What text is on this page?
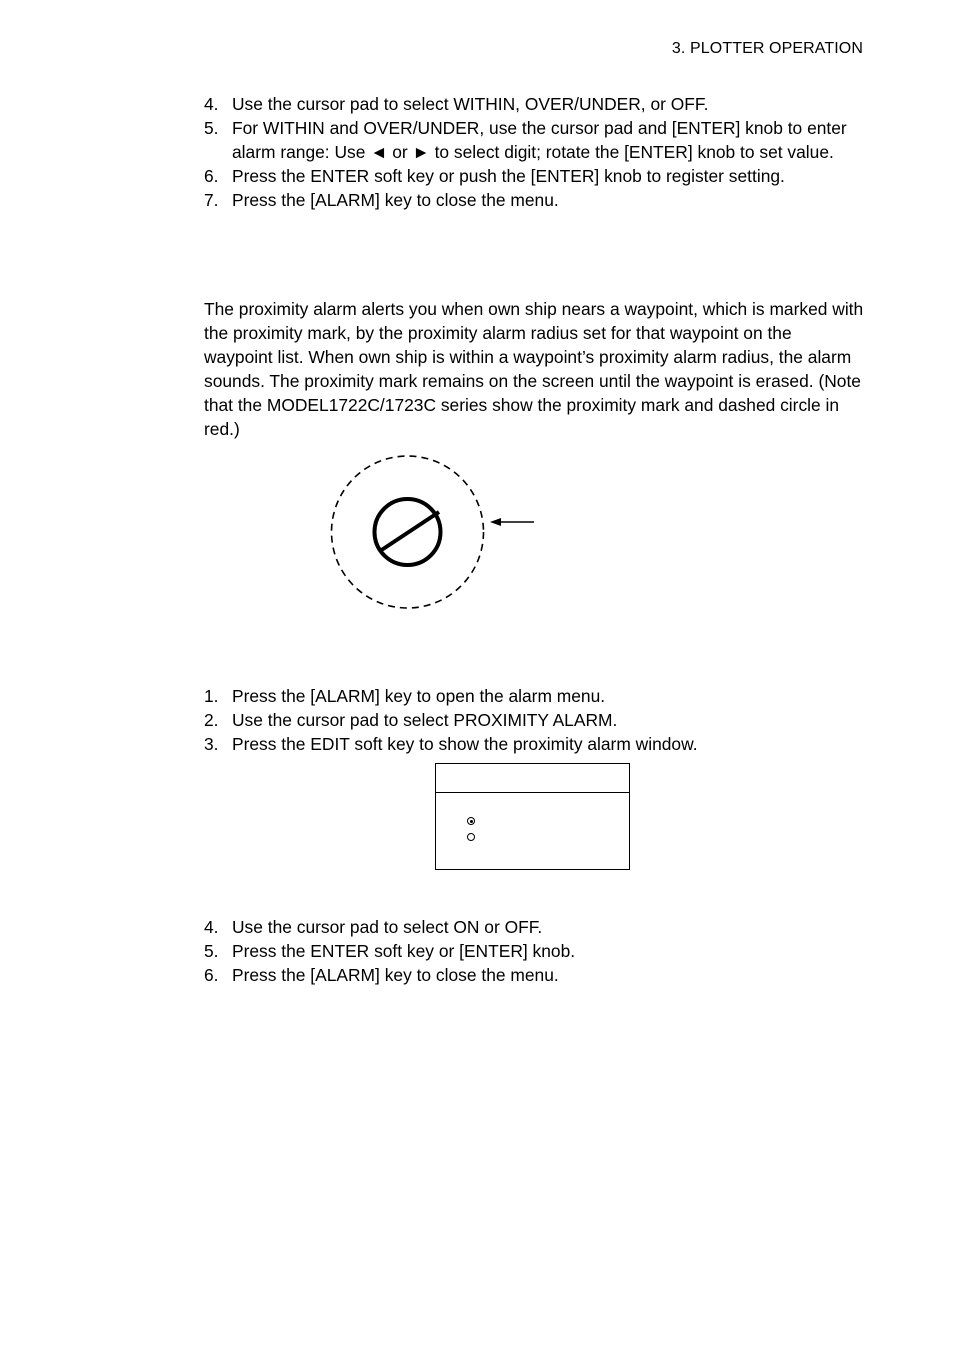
3. PLOTTER OPERATION
4. Use the cursor pad to select WITHIN, OVER/UNDER, or OFF.
5. For WITHIN and OVER/UNDER, use the cursor pad and [ENTER] knob to enter alarm range: Use ◄ or ► to select digit; rotate the [ENTER] knob to set value.
6. Press the ENTER soft key or push the [ENTER] knob to register setting.
7. Press the [ALARM] key to close the menu.

The proximity alarm alerts you when own ship nears a waypoint, which is marked with the proximity mark, by the proximity alarm radius set for that waypoint on the waypoint list. When own ship is within a waypoint’s proximity alarm radius, the alarm sounds. The proximity mark remains on the screen until the waypoint is erased. (Note that the MODEL1722C/1723C series show the proximity mark and dashed circle in red.)

1. Press the [ALARM] key to open the alarm menu.
2. Use the cursor pad to select PROXIMITY ALARM.
3. Press the EDIT soft key to show the proximity alarm window.
4. Use the cursor pad to select ON or OFF.
5. Press the ENTER soft key or [ENTER] knob.
6. Press the [ALARM] key to close the menu.
